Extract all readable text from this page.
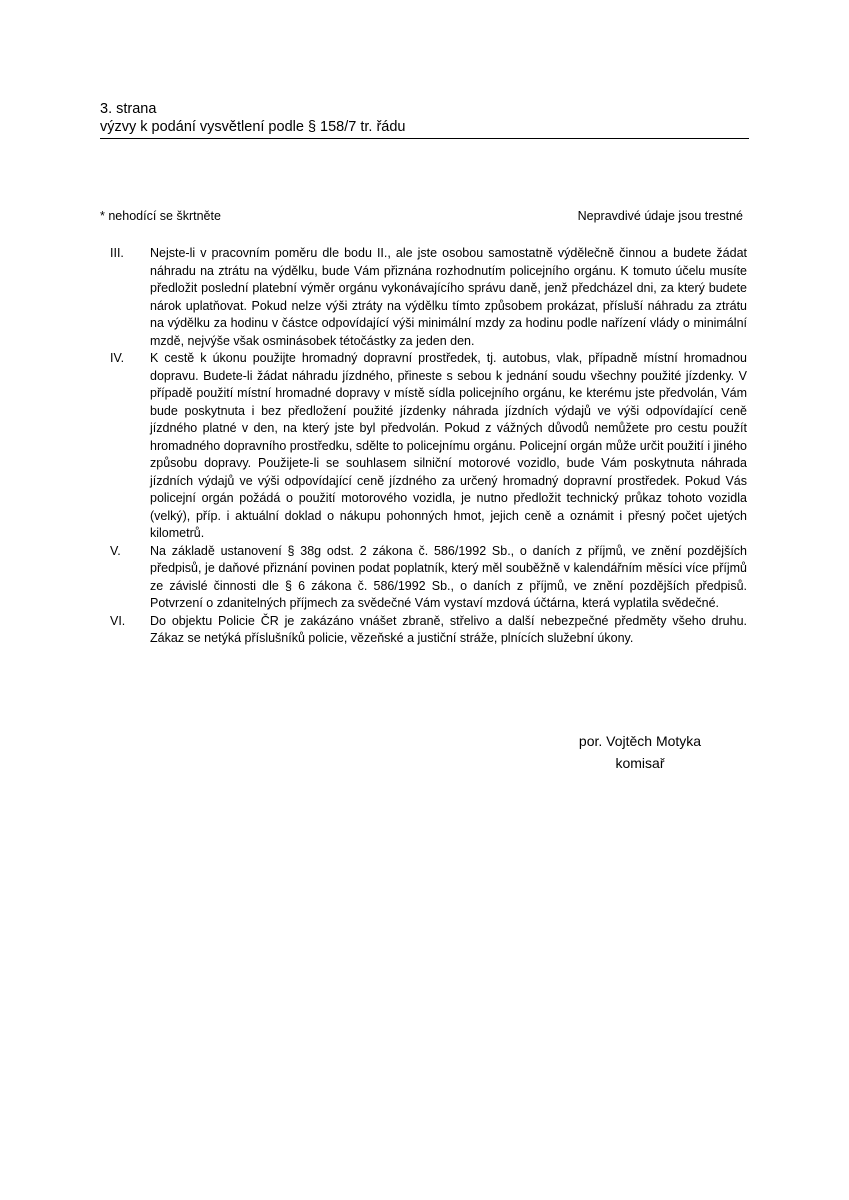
3. strana
výzvy k podání vysvětlení podle § 158/7 tr. řádu
* nehodící se škrtněte	Nepravdivé údaje jsou trestné
III.	Nejste-li v pracovním poměru dle bodu II., ale jste osobou samostatně výdělečně činnou a budete žádat náhradu na ztrátu na výdělku, bude Vám přiznána rozhodnutím policejního orgánu. K tomuto účelu musíte předložit poslední platební výměr orgánu vykonávajícího správu daně, jenž předcházel dni, za který budete nárok uplatňovat. Pokud nelze výši ztráty na výdělku tímto způsobem prokázat, přísluší náhradu za ztrátu na výdělku za hodinu v částce odpovídající výši minimální mzdy za hodinu podle nařízení vlády o minimální mzdě, nejvýše však osminásobek tétočástky za jeden den.
IV.	K cestě k úkonu použijte hromadný dopravní prostředek, tj. autobus, vlak, případně místní hromadnou dopravu. Budete-li žádat náhradu jízdného, přineste s sebou k jednání soudu všechny použité jízdenky. V případě použití místní hromadné dopravy v místě sídla policejního orgánu, ke kterému jste předvolán, Vám bude poskytnuta i bez předložení použité jízdenky náhrada jízdních výdajů ve výši odpovídající ceně jízdného platné v den, na který jste byl předvolán. Pokud z vážných důvodů nemůžete pro cestu použít hromadného dopravního prostředku, sdělte to policejnímu orgánu. Policejní orgán může určit použití i jiného způsobu dopravy. Použijete-li se souhlasem silniční motorové vozidlo, bude Vám poskytnuta náhrada jízdních výdajů ve výši odpovídající ceně jízdného za určený hromadný dopravní prostředek. Pokud Vás policejní orgán požádá o použití motorového vozidla, je nutno předložit technický průkaz tohoto vozidla (velký), příp. i aktuální doklad o nákupu pohonných hmot, jejich ceně a oznámit i přesný počet ujetých kilometrů.
V.	Na základě ustanovení § 38g odst. 2 zákona č. 586/1992 Sb., o daních z příjmů, ve znění pozdějších předpisů, je daňové přiznání povinen podat poplatník, který měl souběžně v kalendářním měsíci více příjmů ze závislé činnosti dle § 6 zákona č. 586/1992 Sb., o daních z příjmů, ve znění pozdějších předpisů. Potvrzení o zdanitelných příjmech za svědečné Vám vystaví mzdová účtárna, která vyplatila svědečné.
VI.	Do objektu Policie ČR je zakázáno vnášet zbraně, střelivo a další nebezpečné předměty všeho druhu. Zákaz se netýká příslušníků policie, vězeňské a justiční stráže, plnících služební úkony.
por. Vojtěch Motyka
komisař
